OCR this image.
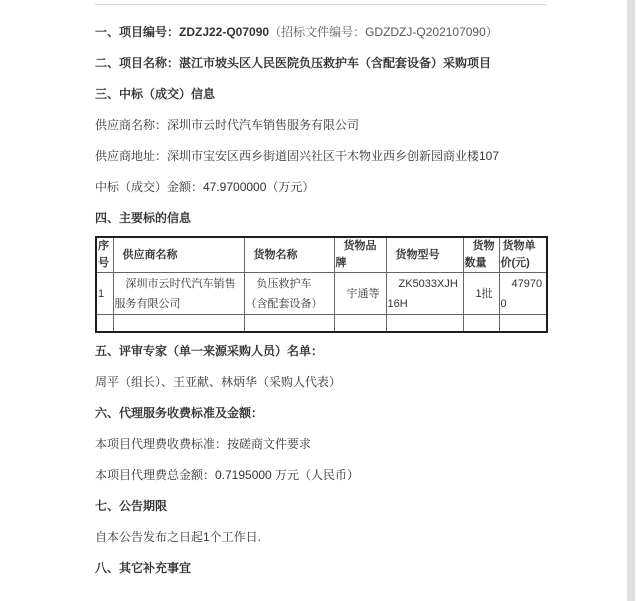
一、项目编号：ZDZJ22-Q07090（招标文件编号：GDZDZJ-Q202107090）

二、项目名称：湛江市坡头区人民医院负压救护车（含配套设备）采购项目

三、中标（成交）信息

供应商名称：深圳市云时代汽车销售服务有限公司

供应商地址：深圳市宝安区西乡街道固兴社区干木物业西乡创新园商业楼107

中标（成交）金额：47.9700000（万元）

四、主要标的信息

序号	供应商名称	货物名称	货物品牌	货物型号	货物数量	货物单价(元)
1	深圳市云时代汽车销售服务有限公司	负压救护车（含配套设备）	宇通等	ZK5033XJH16H	1批	479700

五、评审专家（单一来源采购人员）名单：

周平（组长）、王亚献、林炳华（采购人代表）

六、代理服务收费标准及金额：

本项目代理费收费标准：按磋商文件要求

本项目代理费总金额：0.7195000 万元（人民币）

七、公告期限

自本公告发布之日起1个工作日.

八、其它补充事宜
